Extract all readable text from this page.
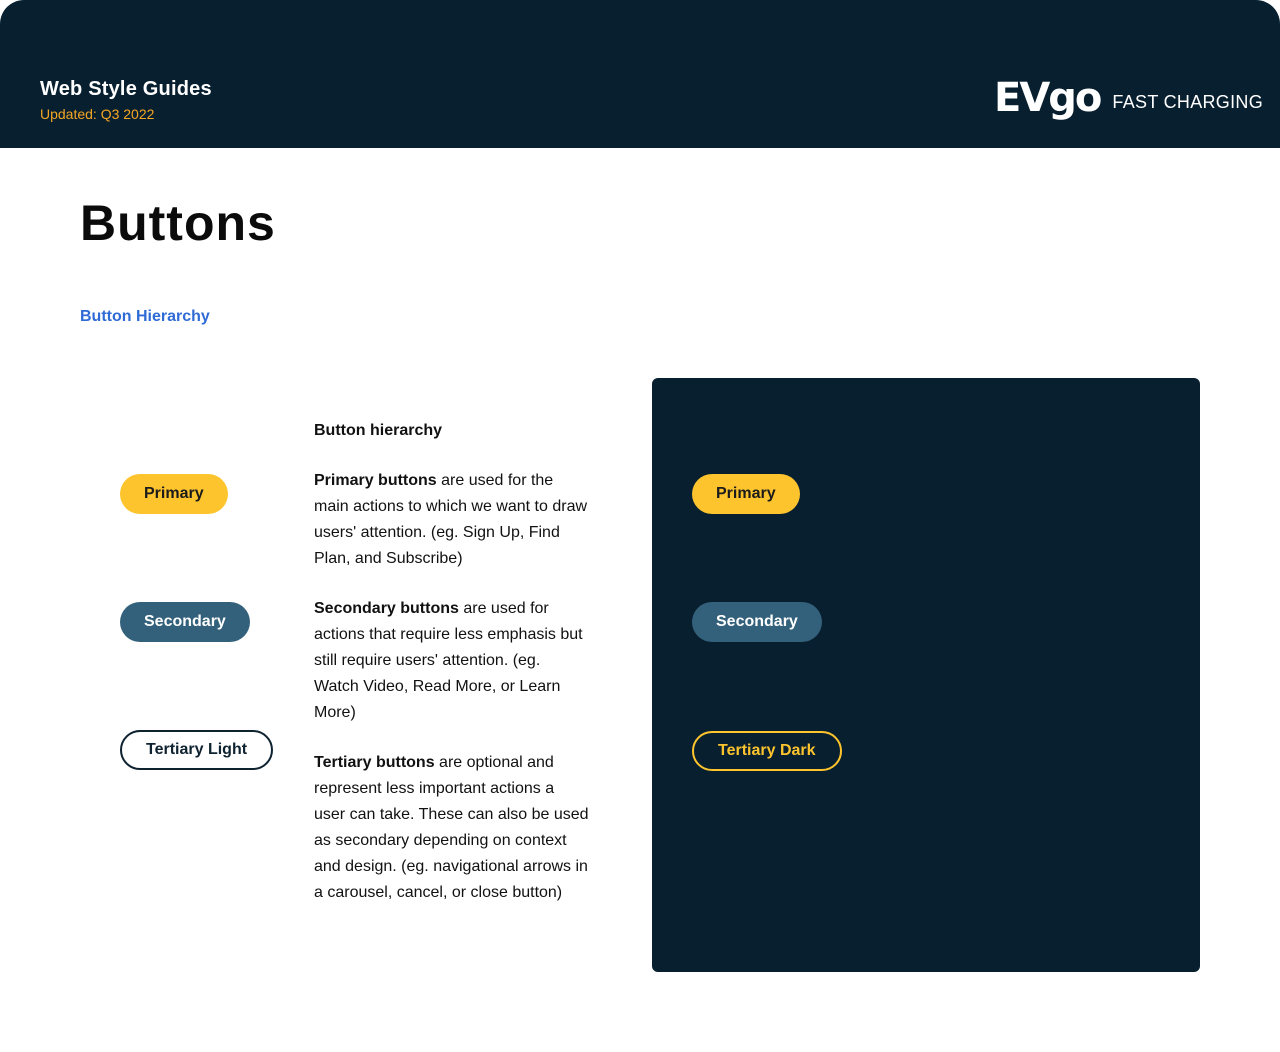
Web Style Guides
Updated: Q3 2022	EVgo FAST CHARGING
Buttons
Button Hierarchy
Primary
Secondary
Tertiary Light

Button hierarchy

Primary buttons are used for the main actions to which we want to draw users' attention. (eg. Sign Up, Find Plan, and Subscribe)

Secondary buttons are used for actions that require less emphasis but still require users' attention. (eg. Watch Video, Read More, or Learn More)

Tertiary buttons are optional and represent less important actions a user can take. These can also be used as secondary depending on context and design. (eg. navigational arrows in a carousel, cancel, or close button)

Primary
Secondary
Tertiary Dark
